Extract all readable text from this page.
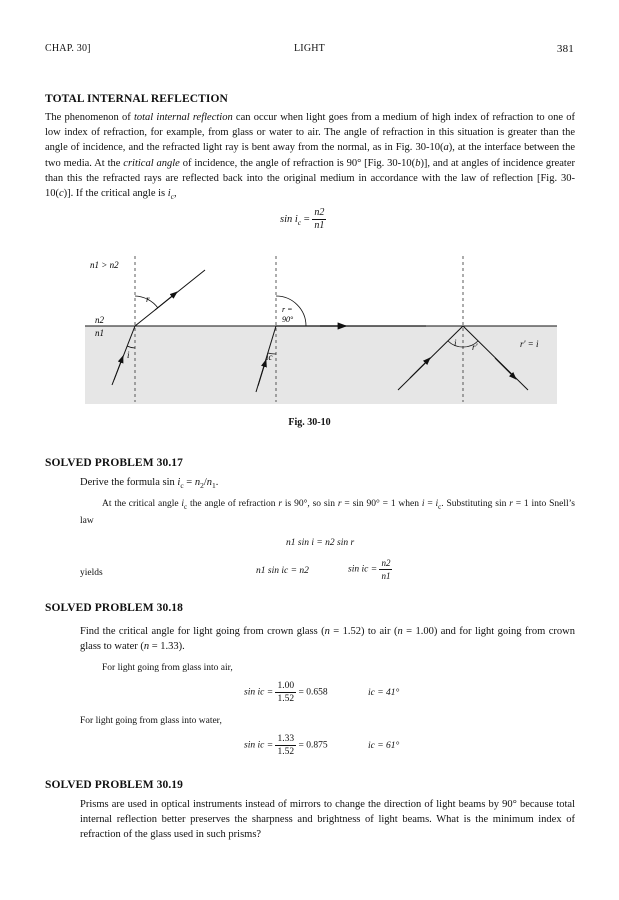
CHAP. 30]	LIGHT	381
TOTAL INTERNAL REFLECTION
The phenomenon of total internal reflection can occur when light goes from a medium of high index of refraction to one of low index of refraction, for example, from glass or water to air. The angle of refraction in this situation is greater than the angle of incidence, and the refracted light ray is bent away from the normal, as in Fig. 30-10(a), at the interface between the two media. At the critical angle of incidence, the angle of refraction is 90° [Fig. 30-10(b)], and at angles of incidence greater than this the refracted rays are reflected back into the original medium in accordance with the law of reflection [Fig. 30-10(c)]. If the critical angle is $i_c$,
$\sin i_c = \frac{n2}{n1}$
n1 > n2
n2
n1
r
i
r =
90°
ic
i r'	r' = i
Fig. 30-10
SOLVED PROBLEM 30.17
Derive the formula $\sin i_c = n_2/n_1$.
At the critical angle $i_c$ the angle of refraction r is 90°, so sin r = sin 90° = 1 when $i = i_c$. Substituting sin r = 1 into Snell’s law
n1 sin i = n2 sin r
yields	n1 sin ic = n2	sin ic = $\frac{n2}{n1}$
SOLVED PROBLEM 30.18
Find the critical angle for light going from crown glass (n = 1.52) to air (n = 1.00) and for light going from crown glass to water (n = 1.33).
For light going from glass into air,
sin ic = $\frac{1.00}{1.52} = 0.658$	ic = 41°
For light going from glass into water,
sin ic = $\frac{1.33}{1.52} = 0.875$	ic = 61°
SOLVED PROBLEM 30.19
Prisms are used in optical instruments instead of mirrors to change the direction of light beams by 90° because total internal reflection better preserves the sharpness and brightness of light beams. What is the minimum index of refraction of the glass used in such prisms?
